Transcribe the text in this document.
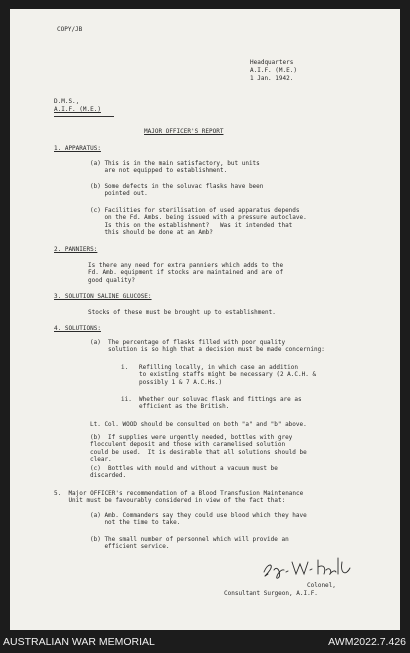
COPY/JB
Headquarters
A.I.F. (M.E.)
1 Jan. 1942.
D.M.S.,
A.I.F. (M.E.)
MAJOR OFFICER'S REPORT
1. APPARATUS:
(a) This is in the main satisfactory, but units
are not equipped to establishment.
(b) Some defects in the soluvac flasks have been
pointed out.
(c) Facilities for sterilisation of used apparatus depends
on the Fd. Ambs. being issued with a pressure autoclave.
Is this on the establishment?   Was it intended that
this should be done at an Amb?
2. PANNIERS:
Is there any need for extra panniers which adds to the
Fd. Amb. equipment if stocks are maintained and are of
good quality?
3. SOLUTION SALINE GLUCOSE:
Stocks of these must be brought up to establishment.
4. SOLUTIONS:
(a)  The percentage of flasks filled with poor quality
solution is so high that a decision must be made concerning:
i.   Refilling locally, in which case an addition
to existing staffs might be necessary (2 A.C.H. &
possibly 1 & 7 A.C.Hs.)
ii.  Whether our soluvac flask and fittings are as
efficient as the British.
Lt. Col. WOOD should be consulted on both "a" and "b" above.
(b)  If supplies were urgently needed, bottles with grey
flocculent deposit and those with caramelised solution
could be used.  It is desirable that all solutions should be
clear.
(c)  Bottles with mould and without a vacuum must be
discarded.
5.  Major OFFICER's recommendation of a Blood Transfusion Maintenance
Unit must be favourably considered in view of the fact that:
(a) Amb. Commanders say they could use blood which they have
not the time to take.
(b) The small number of personnel which will provide an
efficient service.
Colonel,
Consultant Surgeon, A.I.F.
AUSTRALIAN WAR MEMORIAL	AWM2022.7.426
